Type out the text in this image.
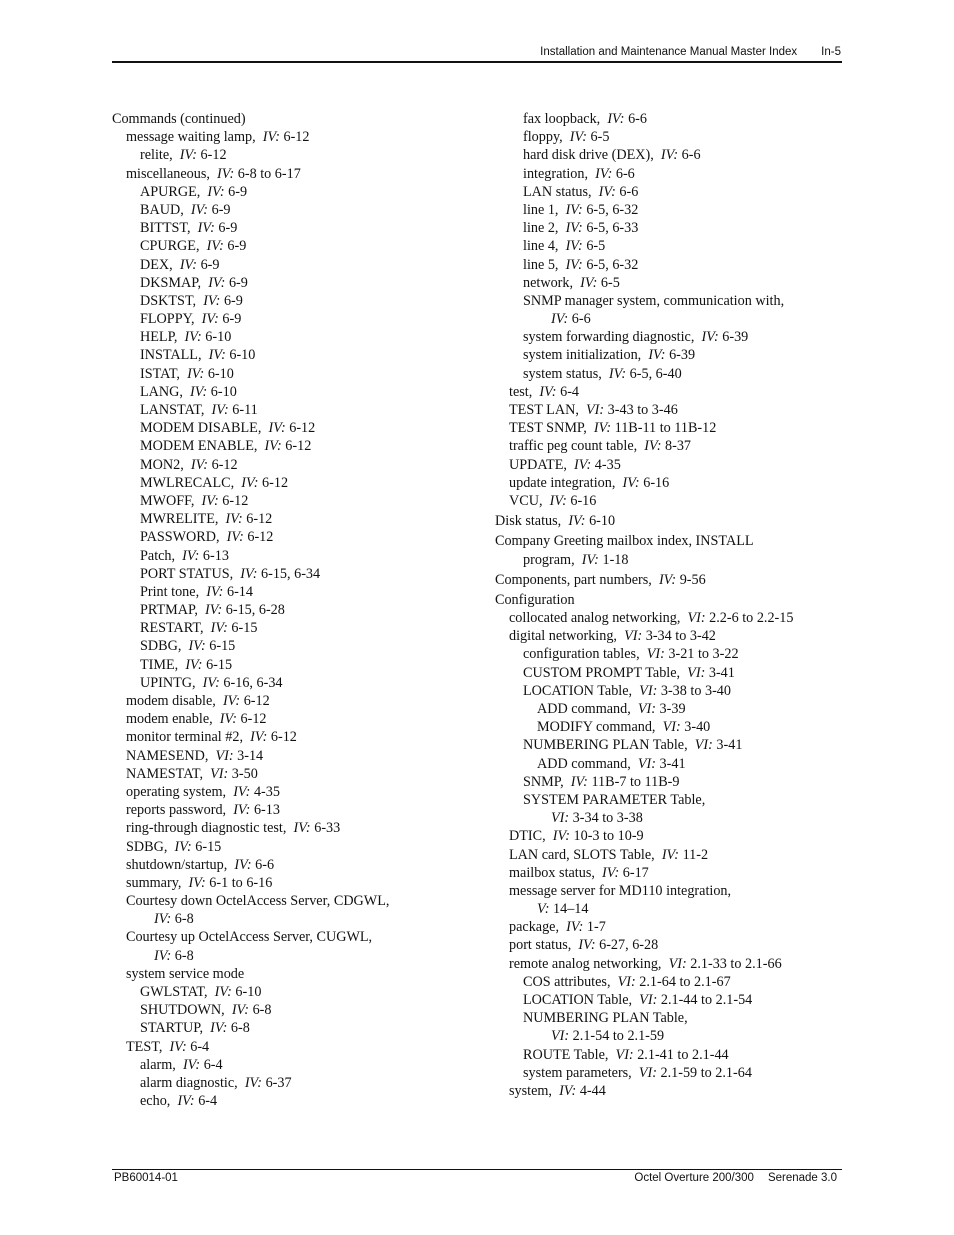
Installation and Maintenance Manual Master Index In-5
Commands (continued)
message waiting lamp, IV: 6-12
relite, IV: 6-12
miscellaneous, IV: 6-8 to 6-17
APURGE, IV: 6-9
BAUD, IV: 6-9
BITTST, IV: 6-9
CPURGE, IV: 6-9
DEX, IV: 6-9
DKSMAP, IV: 6-9
DSKTST, IV: 6-9
FLOPPY, IV: 6-9
HELP, IV: 6-10
INSTALL, IV: 6-10
ISTAT, IV: 6-10
LANG, IV: 6-10
LANSTAT, IV: 6-11
MODEM DISABLE, IV: 6-12
MODEM ENABLE, IV: 6-12
MON2, IV: 6-12
MWLRECALC, IV: 6-12
MWOFF, IV: 6-12
MWRELITE, IV: 6-12
PASSWORD, IV: 6-12
Patch, IV: 6-13
PORT STATUS, IV: 6-15, 6-34
Print tone, IV: 6-14
PRTMAP, IV: 6-15, 6-28
RESTART, IV: 6-15
SDBG, IV: 6-15
TIME, IV: 6-15
UPINTG, IV: 6-16, 6-34
modem disable, IV: 6-12
modem enable, IV: 6-12
monitor terminal #2, IV: 6-12
NAMESEND, VI: 3-14
NAMESTAT, VI: 3-50
operating system, IV: 4-35
reports password, IV: 6-13
ring-through diagnostic test, IV: 6-33
SDBG, IV: 6-15
shutdown/startup, IV: 6-6
summary, IV: 6-1 to 6-16
Courtesy down OctelAccess Server, CDGWL,
IV: 6-8
Courtesy up OctelAccess Server, CUGWL,
IV: 6-8
system service mode
GWLSTAT, IV: 6-10
SHUTDOWN, IV: 6-8
STARTUP, IV: 6-8
TEST, IV: 6-4
alarm, IV: 6-4
alarm diagnostic, IV: 6-37
echo, IV: 6-4
fax loopback, IV: 6-6
floppy, IV: 6-5
hard disk drive (DEX), IV: 6-6
integration, IV: 6-6
LAN status, IV: 6-6
line 1, IV: 6-5, 6-32
line 2, IV: 6-5, 6-33
line 4, IV: 6-5
line 5, IV: 6-5, 6-32
network, IV: 6-5
SNMP manager system, communication with,
IV: 6-6
system forwarding diagnostic, IV: 6-39
system initialization, IV: 6-39
system status, IV: 6-5, 6-40
test, IV: 6-4
TEST LAN, VI: 3-43 to 3-46
TEST SNMP, IV: 11B-11 to 11B-12
traffic peg count table, IV: 8-37
UPDATE, IV: 4-35
update integration, IV: 6-16
VCU, IV: 6-16
Disk status, IV: 6-10
Company Greeting mailbox index, INSTALL
program, IV: 1-18
Components, part numbers, IV: 9-56
Configuration
collocated analog networking, VI: 2.2-6 to 2.2-15
digital networking, VI: 3-34 to 3-42
configuration tables, VI: 3-21 to 3-22
CUSTOM PROMPT Table, VI: 3-41
LOCATION Table, VI: 3-38 to 3-40
ADD command, VI: 3-39
MODIFY command, VI: 3-40
NUMBERING PLAN Table, VI: 3-41
ADD command, VI: 3-41
SNMP, IV: 11B-7 to 11B-9
SYSTEM PARAMETER Table,
VI: 3-34 to 3-38
DTIC, IV: 10-3 to 10-9
LAN card, SLOTS Table, IV: 11-2
mailbox status, IV: 6-17
message server for MD110 integration,
V: 14–14
package, IV: 1-7
port status, IV: 6-27, 6-28
remote analog networking, VI: 2.1-33 to 2.1-66
COS attributes, VI: 2.1-64 to 2.1-67
LOCATION Table, VI: 2.1-44 to 2.1-54
NUMBERING PLAN Table,
VI: 2.1-54 to 2.1-59
ROUTE Table, VI: 2.1-41 to 2.1-44
system parameters, VI: 2.1-59 to 2.1-64
system, IV: 4-44
PB60014-01	Octel Overture 200/300 Serenade 3.0
